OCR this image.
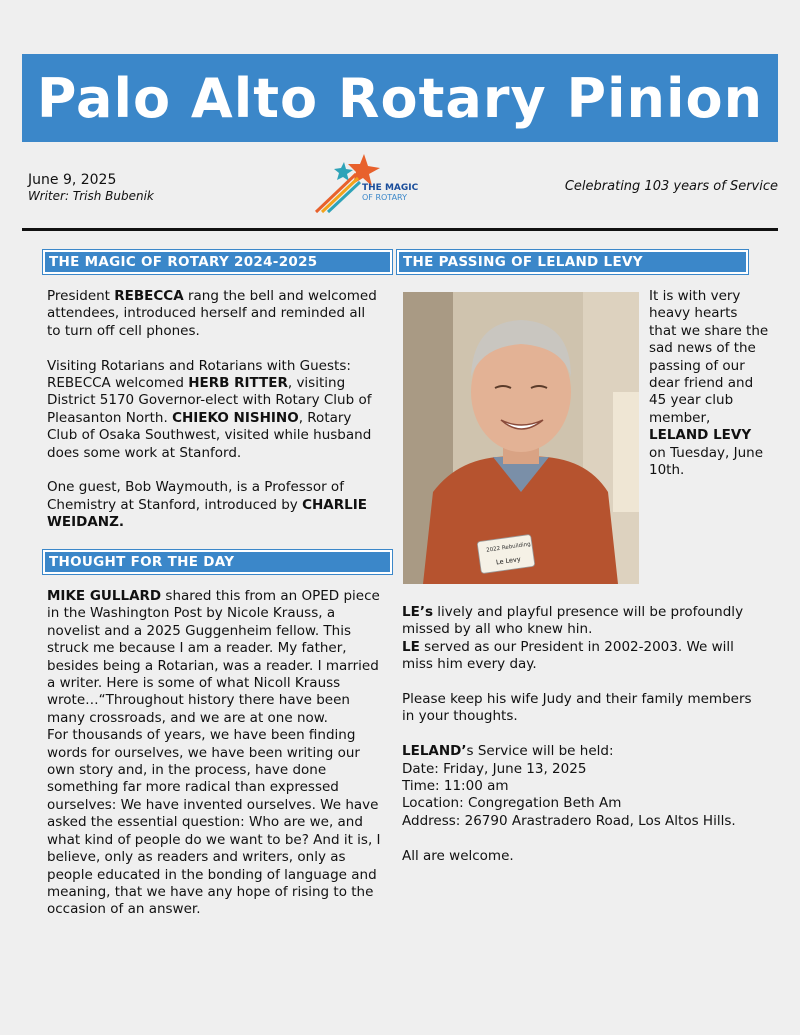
Palo Alto Rotary Pinion
June 9, 2025
Writer: Trish Bubenik
THE MAGIC
OF ROTARY
Celebrating 103 years of Service
THE MAGIC OF ROTARY 2024-2025

President REBECCA rang the bell and welcomed attendees, introduced herself and reminded all to turn off cell phones.

Visiting Rotarians and Rotarians with Guests: REBECCA welcomed HERB RITTER, visiting District 5170 Governor-elect with Rotary Club of Pleasanton North. CHIEKO NISHINO, Rotary Club of Osaka Southwest, visited while husband does some work at Stanford.

One guest, Bob Waymouth, is a Professor of Chemistry at Stanford, introduced by CHARLIE WEIDANZ.

THOUGHT FOR THE DAY

MIKE GULLARD shared this from an OPED piece in the Washington Post by Nicole Krauss, a novelist and a 2025 Guggenheim fellow. This struck me because I am a reader. My father, besides being a Rotarian, was a reader. I married a writer. Here is some of what Nicoll Krauss wrote…“Throughout history there have been many crossroads, and we are at one now.

For thousands of years, we have been finding words for ourselves, we have been writing our own story and, in the process, have done something far more radical than expressed ourselves: We have invented ourselves. We have asked the essential question: Who are we, and what kind of people do we want to be? And it is, I believe, only as readers and writers, only as people educated in the bonding of language and meaning, that we have any hope of rising to the occasion of an answer.

THE PASSING OF LELAND LEVY
2022 Rebuilding
Le Levy
It is with very heavy hearts that we share the sad news of the passing of our dear friend and 45 year club member,
LELAND LEVY
on Tuesday, June 10th.

LE’s lively and playful presence will be profoundly missed by all who knew hin.
LE served as our President in 2002-2003. We will miss him every day.

Please keep his wife Judy and their family members in your thoughts.

LELAND’s Service will be held:
Date: Friday, June 13, 2025
Time: 11:00 am
Location: Congregation Beth Am
Address: 26790 Arastradero Road, Los Altos Hills.

All are welcome.
